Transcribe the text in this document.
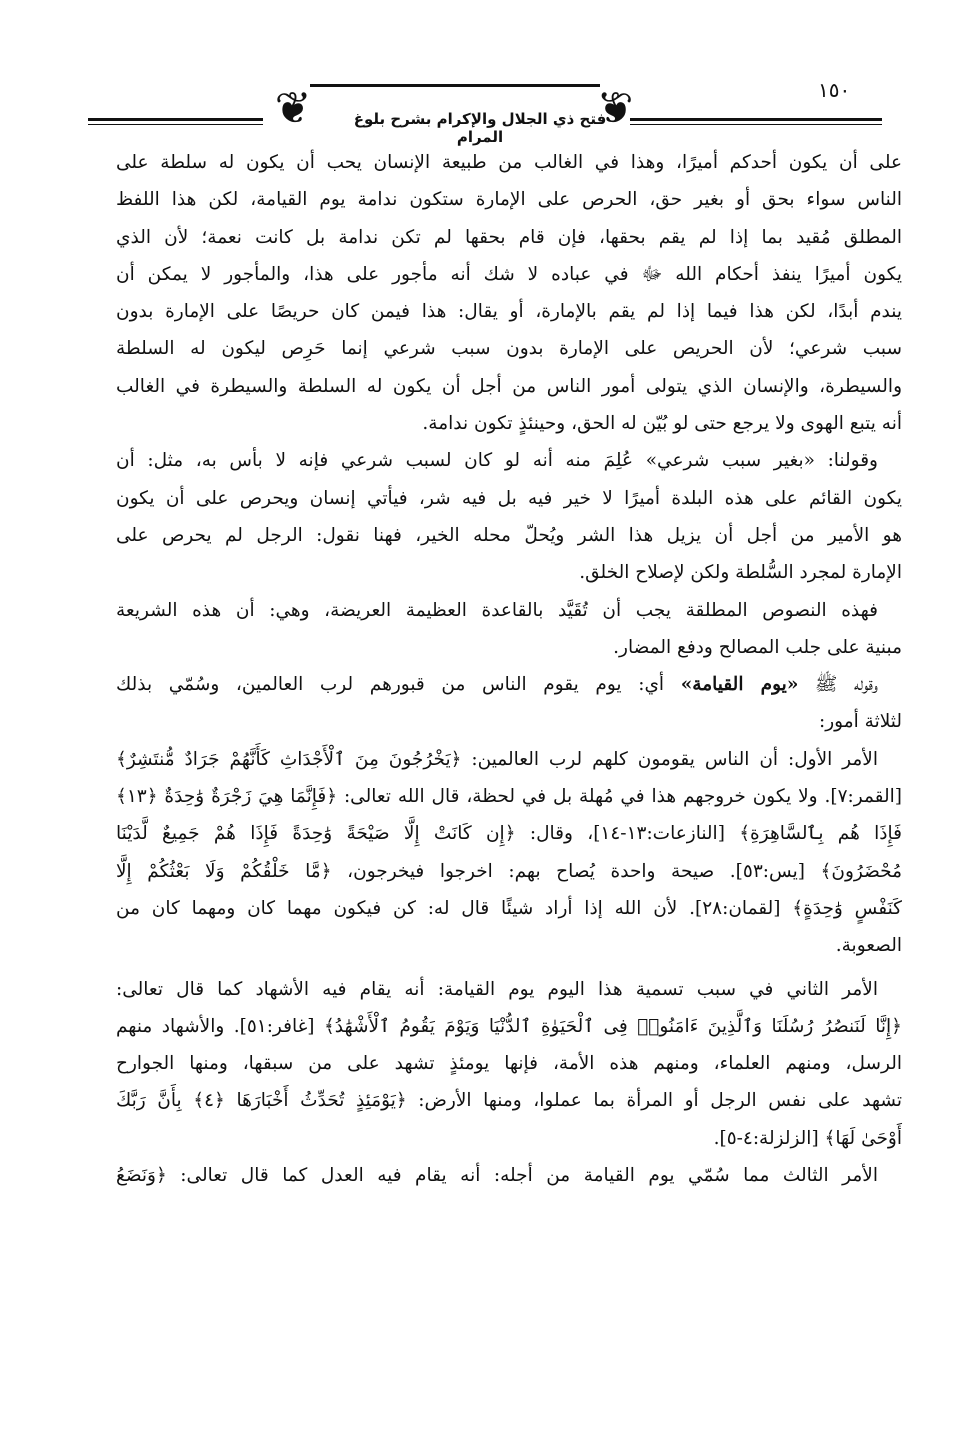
١٥٠
❦	❦
فتح ذي الجلال والإكرام بشرح بلوغ المرام
على أن يكون أحدكم أميرًا، وهذا في الغالب من طبيعة الإنسان يحب أن يكون له سلطة على
الناس سواء بحق أو بغير حق، الحرص على الإمارة ستكون ندامة يوم القيامة، لكن هذا اللفظ
المطلق مُقيد بما إذا لم يقم بحقها، فإن قام بحقها لم تكن ندامة بل كانت نعمة؛ لأن الذي
يكون أميرًا ينفذ أحكام الله ﷻ في عباده لا شك أنه مأجور على هذا، والمأجور لا يمكن أن
يندم أبدًا، لكن هذا فيما إذا لم يقم بالإمارة، أو يقال: هذا فيمن كان حريصًا على الإمارة بدون
سبب شرعي؛ لأن الحريص على الإمارة بدون سبب شرعي إنما حَرِص ليكون له السلطة
والسيطرة، والإنسان الذي يتولى أمور الناس من أجل أن يكون له السلطة والسيطرة في الغالب
أنه يتبع الهوى ولا يرجع حتى لو بُيّن له الحق، وحينئذٍ تكون ندامة.
وقولنا: «بغير سبب شرعي» عُلِمَ منه أنه لو كان لسبب شرعي فإنه لا بأس به، مثل: أن
يكون القائم على هذه البلدة أميرًا لا خير فيه بل فيه شر، فيأتي إنسان ويحرص على أن يكون
هو الأمير من أجل أن يزيل هذا الشر ويُحلّ محله الخير، فهنا نقول: الرجل لم يحرص على
الإمارة لمجرد السُّلطة ولكن لإصلاح الخلق.
فهذه النصوص المطلقة يجب أن تُقَيَّد بالقاعدة العظيمة العريضة، وهي: أن هذه الشريعة
مبنية على جلب المصالح ودفع المضار.
وقوله ﷺ «يوم القيامة» أي: يوم يقوم الناس من قبورهم لرب العالمين، وسُمّي بذلك
لثلاثة أمور:
الأمر الأول: أن الناس يقومون كلهم لرب العالمين: ﴿يَخْرُجُونَ مِنَ ٱلْأَجْدَاثِ كَأَنَّهُمْ جَرَادٌ مُّنتَشِرٌ﴾
[القمر:٧]. ولا يكون خروجهم هذا في مُهلة بل في لحظة، قال الله تعالى: ﴿فَإِنَّمَا هِيَ زَجْرَةٌ وَٰحِدَةٌ ﴿١٣﴾
فَإِذَا هُم بِٱلسَّاهِرَةِ﴾ [النازعات:١٣-١٤]، وقال: ﴿إِن كَانَتْ إِلَّا صَيْحَةً وَٰحِدَةً فَإِذَا هُمْ جَمِيعٌ لَّدَيْنَا
مُحْضَرُونَ﴾ [يس:٥٣]. صيحة واحدة يُصاح بهم: اخرجوا فيخرجون، ﴿مَّا خَلْقُكُمْ وَلَا بَعْثُكُمْ إِلَّا
كَنَفْسٍ وَٰحِدَةٍ﴾ [لقمان:٢٨]. لأن الله إذا أراد شيئًا قال له: كن فيكون مهما كان ومهما كان من
الصعوبة.
الأمر الثاني في سبب تسمية هذا اليوم يوم القيامة: أنه يقام فيه الأشهاد كما قال تعالى:
﴿إِنَّا لَنَنصُرُ رُسُلَنَا وَٱلَّذِينَ ءَامَنُوا۟ فِى ٱلْحَيَوٰةِ ٱلدُّنْيَا وَيَوْمَ يَقُومُ ٱلْأَشْهَٰدُ﴾ [غافر:٥١]. والأشهاد منهم
الرسل، ومنهم العلماء، ومنهم هذه الأمة، فإنها يومئذٍ تشهد على من سبقها، ومنها الجوارح
تشهد على نفس الرجل أو المرأة بما عملوا، ومنها الأرض: ﴿يَوْمَئِذٍ تُحَدِّثُ أَخْبَارَهَا ﴿٤﴾ بِأَنَّ رَبَّكَ
أَوْحَىٰ لَهَا﴾ [الزلزلة:٤-٥].
الأمر الثالث مما سُمّي يوم القيامة من أجله: أنه يقام فيه العدل كما قال تعالى: ﴿وَنَضَعُ
